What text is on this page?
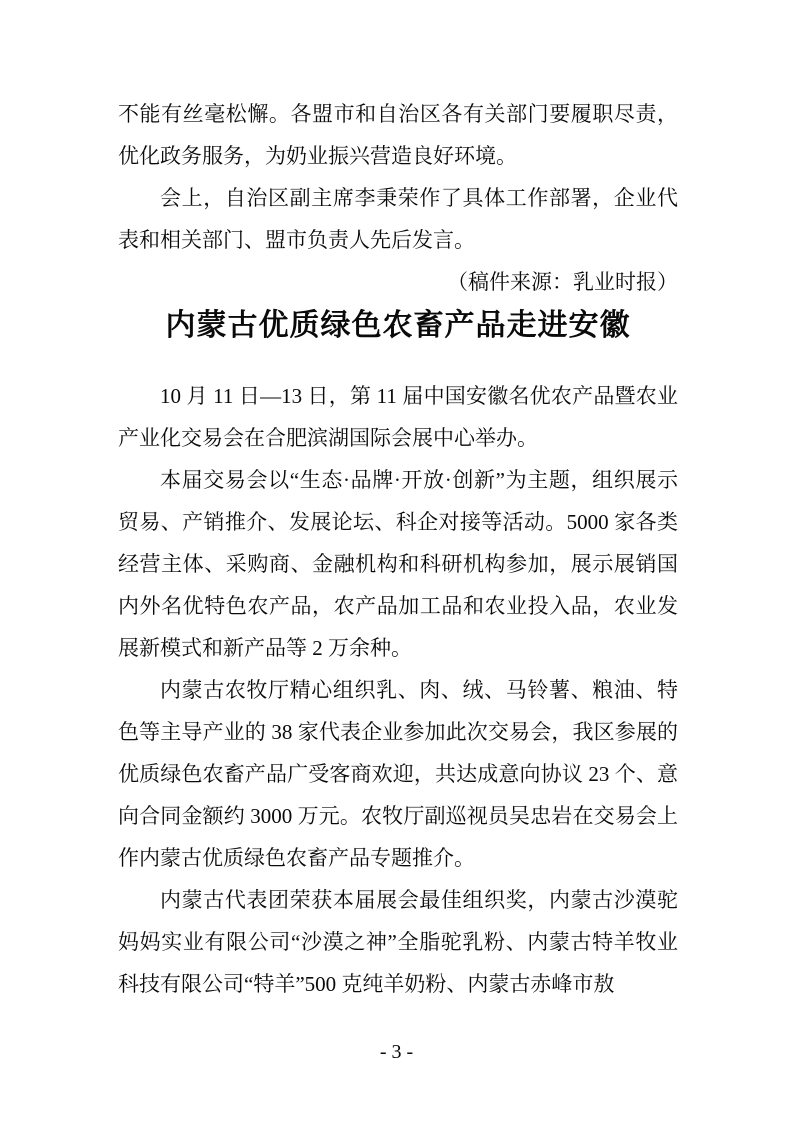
不能有丝毫松懈。各盟市和自治区各有关部门要履职尽责，优化政务服务，为奶业振兴营造良好环境。

会上，自治区副主席李秉荣作了具体工作部署，企业代表和相关部门、盟市负责人先后发言。

（稿件来源：乳业时报）

内蒙古优质绿色农畜产品走进安徽

10 月 11 日—13 日，第 11 届中国安徽名优农产品暨农业产业化交易会在合肥滨湖国际会展中心举办。

本届交易会以“生态·品牌·开放·创新”为主题，组织展示贸易、产销推介、发展论坛、科企对接等活动。5000 家各类经营主体、采购商、金融机构和科研机构参加，展示展销国内外名优特色农产品，农产品加工品和农业投入品，农业发展新模式和新产品等 2 万余种。

内蒙古农牧厅精心组织乳、肉、绒、马铃薯、粮油、特色等主导产业的 38 家代表企业参加此次交易会，我区参展的优质绿色农畜产品广受客商欢迎，共达成意向协议 23 个、意向合同金额约 3000 万元。农牧厅副巡视员吴忠岩在交易会上作内蒙古优质绿色农畜产品专题推介。

内蒙古代表团荣获本届展会最佳组织奖，内蒙古沙漠驼妈妈实业有限公司“沙漠之神”全脂驼乳粉、内蒙古特羊牧业科技有限公司“特羊”500 克纯羊奶粉、内蒙古赤峰市敖

- 3 -
